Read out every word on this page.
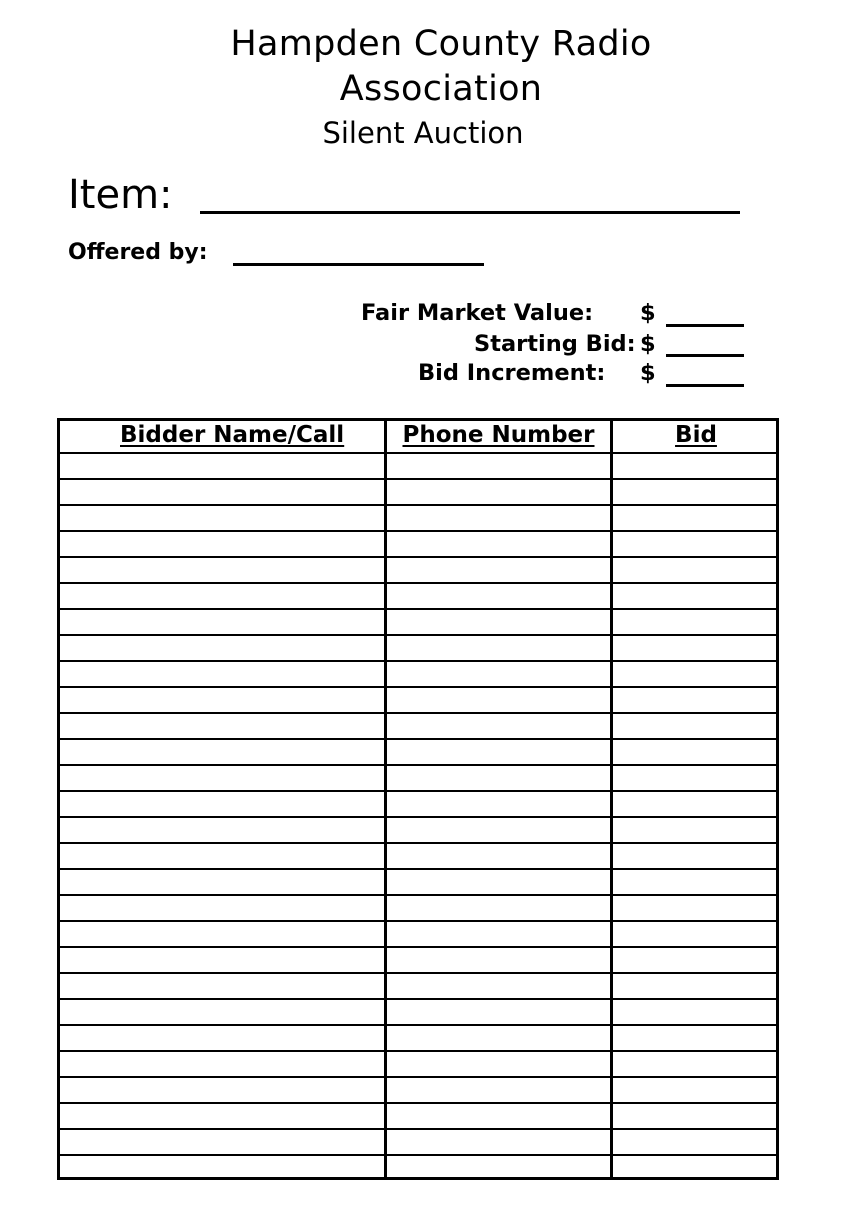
Hampden County Radio
Association
Silent Auction
Item:
Offered by:
Fair Market Value: $
Starting Bid: $
Bid Increment: $
Bidder Name/Call	Phone Number	Bid
